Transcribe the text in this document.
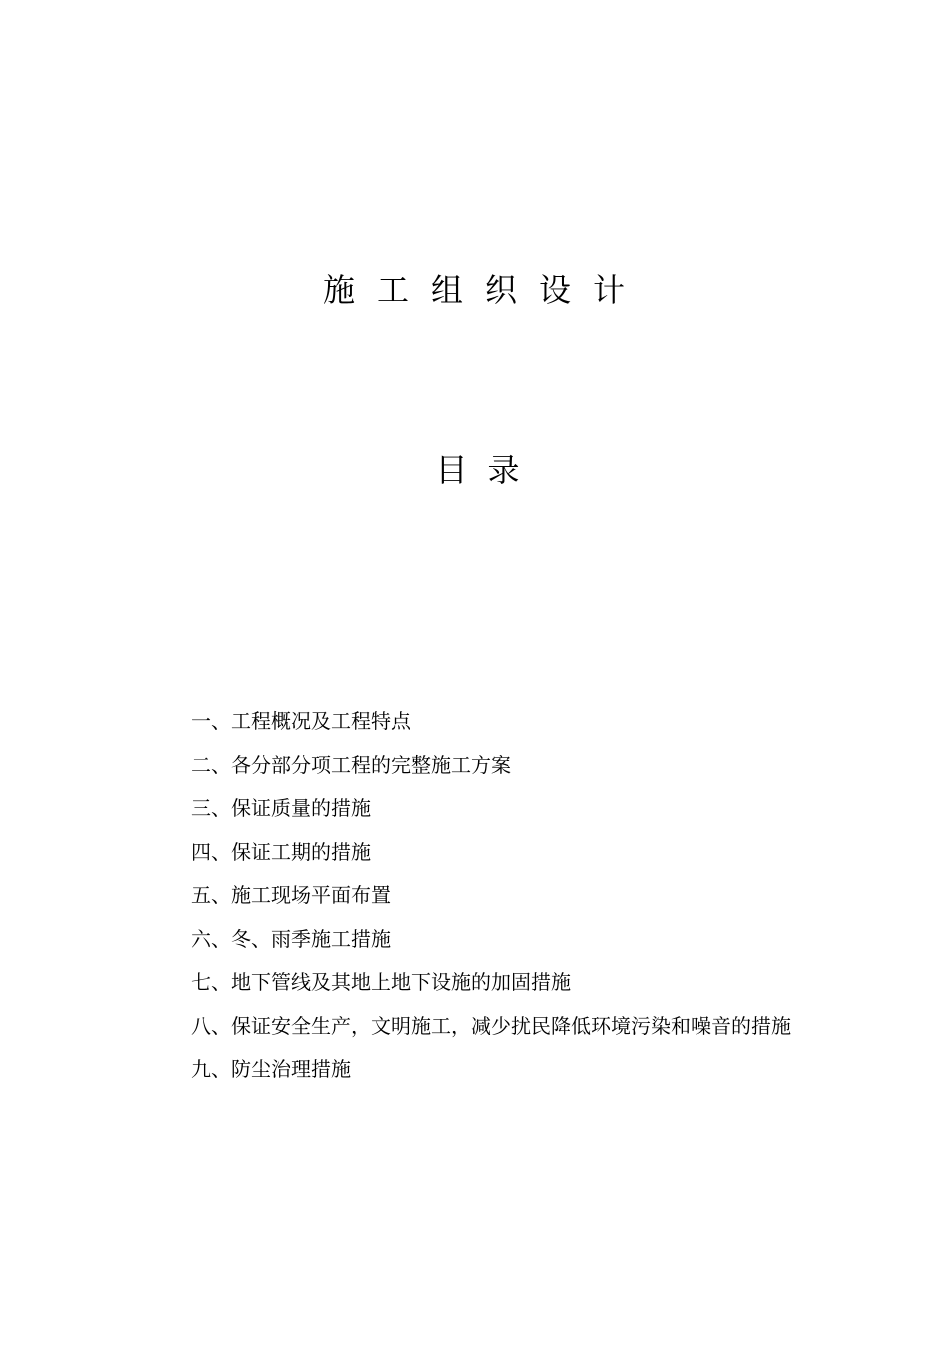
施工组织设计
目录
一、工程概况及工程特点
二、各分部分项工程的完整施工方案
三、保证质量的措施
四、保证工期的措施
五、施工现场平面布置
六、冬、雨季施工措施
七、地下管线及其地上地下设施的加固措施
八、保证安全生产，文明施工，减少扰民降低环境污染和噪音的措施
九、防尘治理措施
